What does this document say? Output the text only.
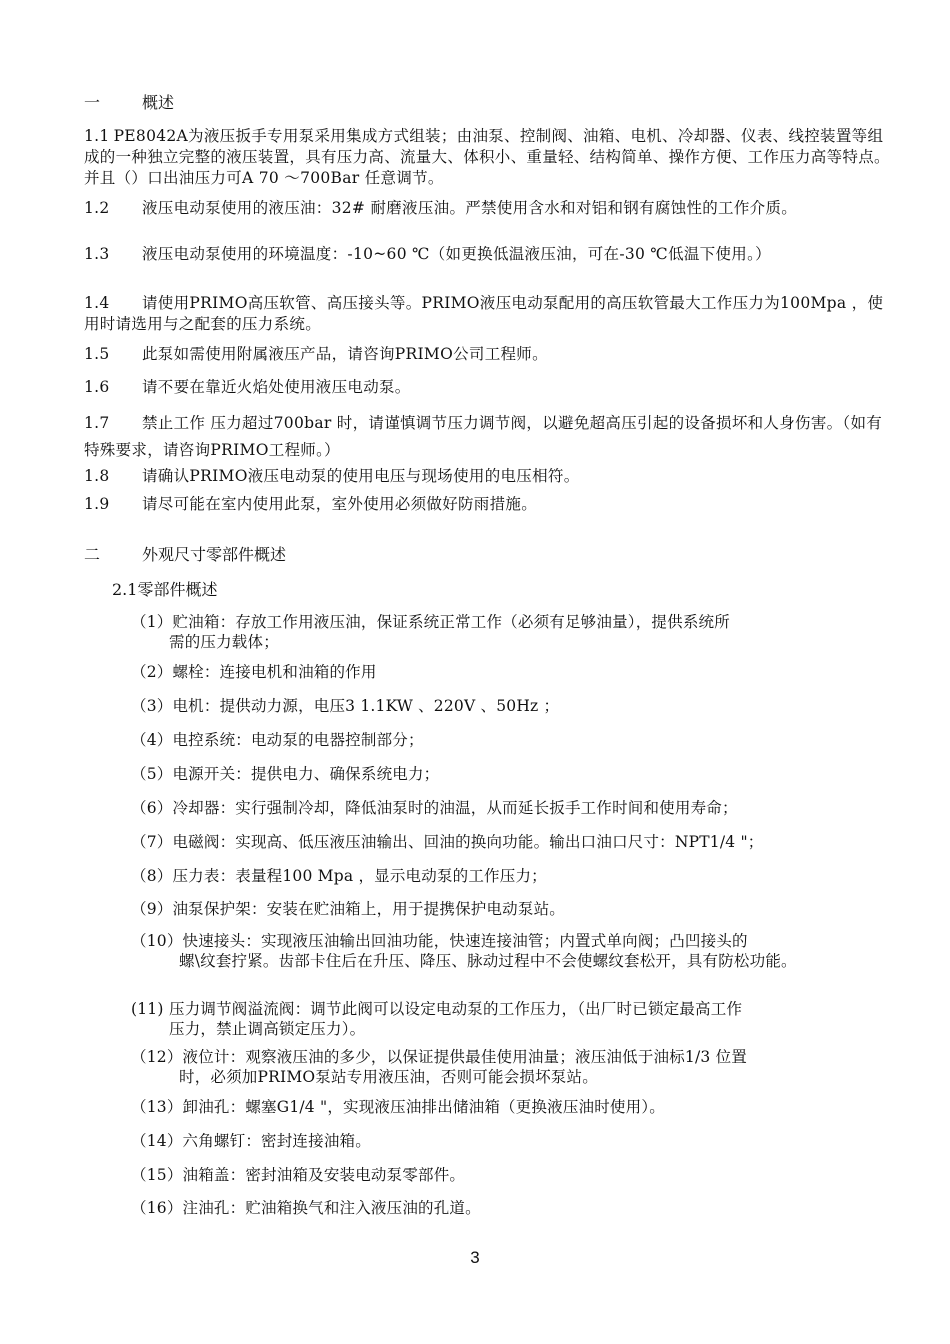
一	概述
1.1 PE8042A为液压扳手专用泵采用集成方式组装；由油泵、控制阀、油箱、电机、冷却器、仪表、线控装置等组成的一种独立完整的液压装置，具有压力高、流量大、体积小、重量轻、结构简单、操作方便、工作压力高等特点。并且（）口出油压力可A 70 ～700Bar 任意调节。
1.2 液压电动泵使用的液压油：32# 耐磨液压油。严禁使用含水和对铝和钢有腐蚀性的工作介质。
1.3 液压电动泵使用的环境温度：-10~60 ℃（如更换低温液压油，可在-30 ℃低温下使用。）
1.4 请使用PRIMO高压软管、高压接头等。PRIMO液压电动泵配用的高压软管最大工作压力为100Mpa ，使用时请选用与之配套的压力系统。
1.5 此泵如需使用附属液压产品，请咨询PRIMO公司工程师。
1.6 请不要在靠近火焰处使用液压电动泵。
1.7 禁止工作 压力超过700bar 时，请谨慎调节压力调节阀，以避免超高压引起的设备损坏和人身伤害。（如有特殊要求，请咨询PRIMO工程师。）
1.8 请确认PRIMO液压电动泵的使用电压与现场使用的电压相符。
1.9 请尽可能在室内使用此泵，室外使用必须做好防雨措施。
二	外观尺寸零部件概述
2.1零部件概述
（1）贮油箱：存放工作用液压油，保证系统正常工作（必须有足够油量），提供系统所
需的压力载体；
（2）螺栓：连接电机和油箱的作用
（3）电机：提供动力源，电压3 1.1KW 、220V 、50Hz ；
（4）电控系统：电动泵的电器控制部分；
（5）电源开关：提供电力、确保系统电力；
（6）冷却器：实行强制冷却，降低油泵时的油温，从而延长扳手工作时间和使用寿命；
（7）电磁阀：实现高、低压液压油输出、回油的换向功能。输出口油口尺寸：NPT1/4 "；
（8）压力表：表量程100 Mpa ，显示电动泵的工作压力；
（9）油泵保护架：安装在贮油箱上，用于提携保护电动泵站。
（10）快速接头：实现液压油输出回油功能，快速连接油管；内置式单向阀；凸凹接头的
螺\纹套拧紧。齿部卡住后在升压、降压、脉动过程中不会使螺纹套松开，具有防松功能。
(11) 压力调节阀溢流阀：调节此阀可以设定电动泵的工作压力，（出厂时已锁定最高工作
压力，禁止调高锁定压力）。
（12）液位计：观察液压油的多少，以保证提供最佳使用油量；液压油低于油标1/3 位置
时，必须加PRIMO泵站专用液压油，否则可能会损坏泵站。
（13）卸油孔：螺塞G1/4 "，实现液压油排出储油箱（更换液压油时使用）。
（14）六角螺钉：密封连接油箱。
（15）油箱盖：密封油箱及安装电动泵零部件。
（16）注油孔：贮油箱换气和注入液压油的孔道。
3
